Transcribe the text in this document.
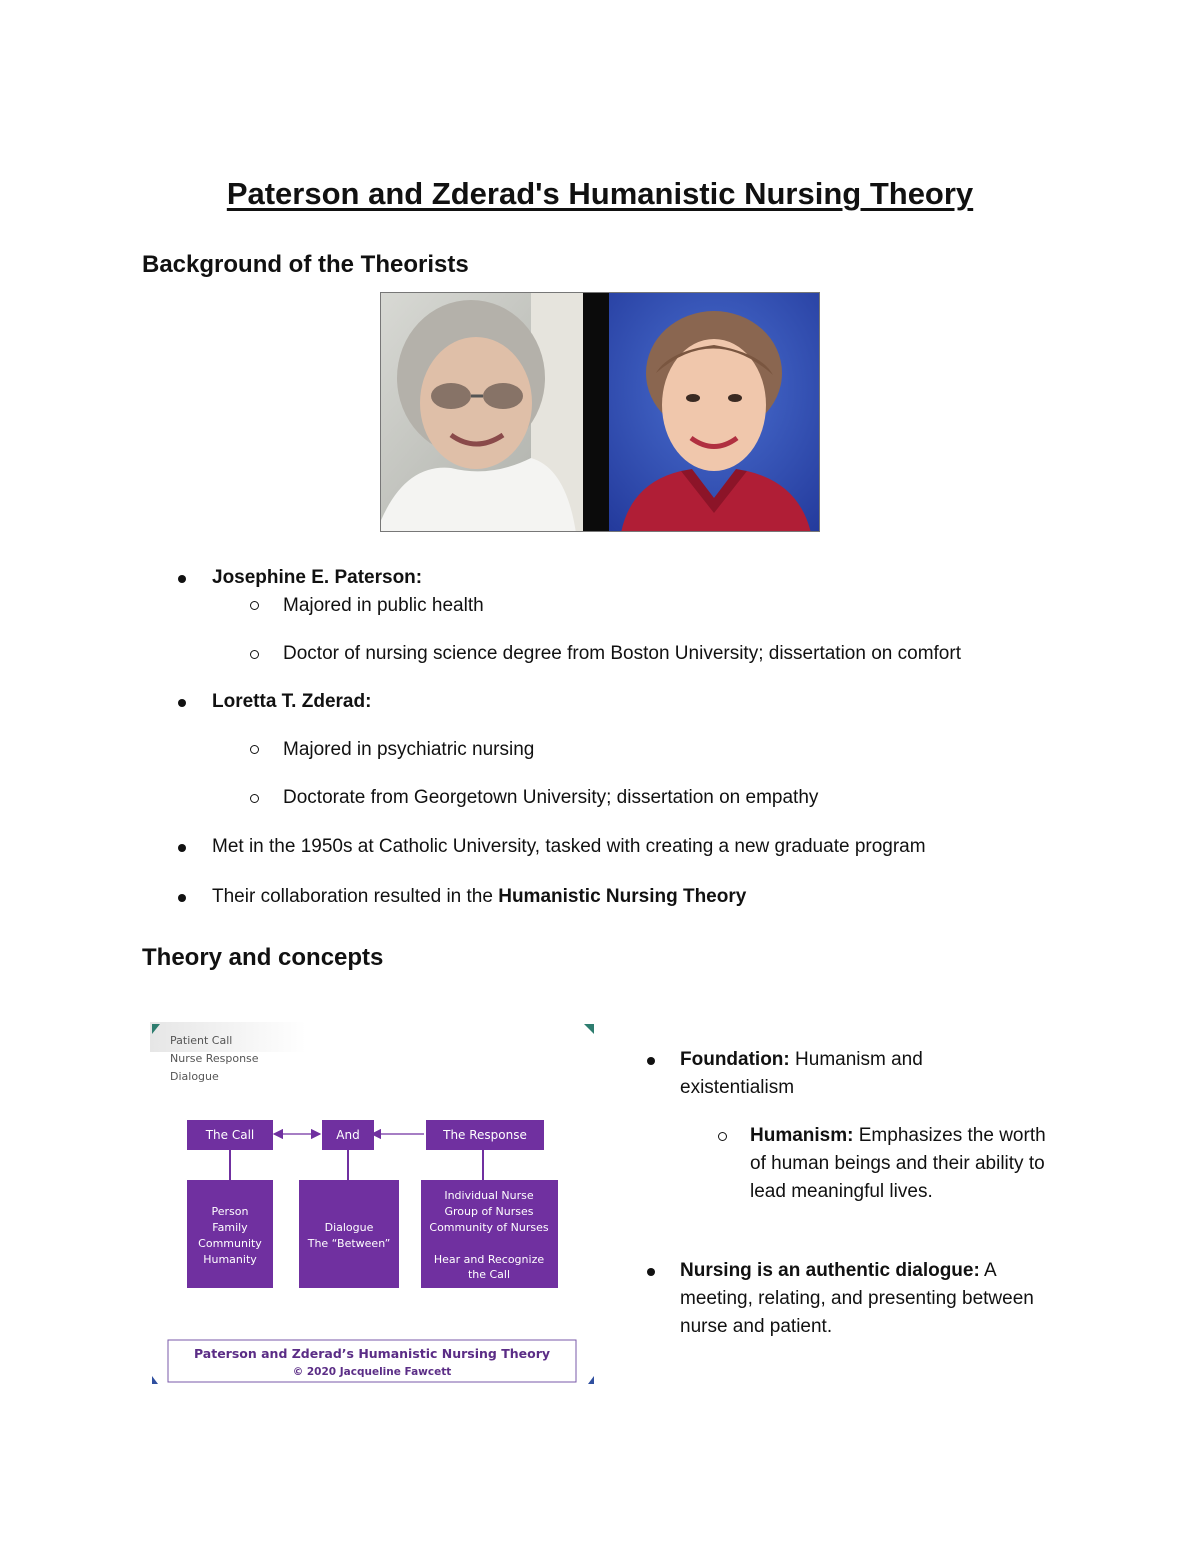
Paterson and Zderad's Humanistic Nursing Theory
Background of the Theorists
Josephine E. Paterson:
Majored in public health
Doctor of nursing science degree from Boston University; dissertation on comfort
Loretta T. Zderad:
Majored in psychiatric nursing
Doctorate from Georgetown University; dissertation on empathy
Met in the 1950s at Catholic University, tasked with creating a new graduate program
Their collaboration resulted in the Humanistic Nursing Theory
Theory and concepts
Patient Call
Nurse Response
Dialogue
The Call	And	The Response
Person
Family
Community
Humanity
Dialogue
The “Between”
Individual Nurse
Group of Nurses
Community of Nurses
Hear and Recognize
the Call
Paterson and Zderad’s Humanistic Nursing Theory
© 2020 Jacqueline Fawcett
Foundation: Humanism and existentialism
Humanism: Emphasizes the worth of human beings and their ability to lead meaningful lives.
Nursing is an authentic dialogue: A meeting, relating, and presenting between nurse and patient.
